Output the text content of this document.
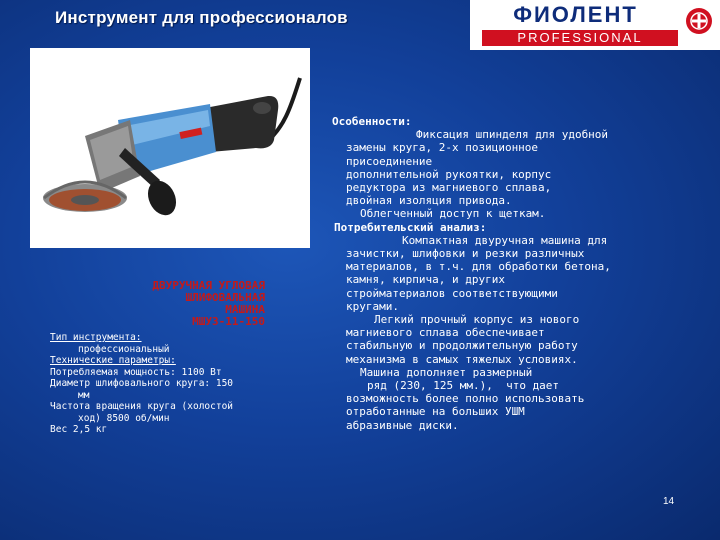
Инструмент для профессионалов	ФИОЛЕНТ
PROFESSIONAL
ДВУРУЧНАЯ УГЛОВАЯ
ШЛИФОВАЛЬНАЯ
МАШИНА
МШУ3-11-150
Тип инструмента:
профессиональный
Технические параметры:
Потребляемая мощность: 1100 Вт
Диаметр шлифовального круга: 150
мм
Частота вращения круга (холостой
ход) 8500 об/мин
Вес 2,5 кг
Особенности:
Фиксация шпинделя для удобной
замены круга, 2-х позиционное
присоединение
дополнительной рукоятки, корпус
редуктора из магниевого сплава,
двойная изоляция привода.
Облегченный доступ к щеткам.
Потребительский анализ:
Компактная двуручная машина для
зачистки, шлифовки и резки различных
материалов, в т.ч. для обработки бетона,
камня, кирпича, и других
стройматериалов соответствующими
кругами.
Легкий прочный корпус из нового
магниевого сплава обеспечивает
стабильную и продолжительную работу
механизма в самых тяжелых условиях.
Машина дополняет размерный
ряд (230, 125 мм.),  что дает
возможность более полно использовать
отработанные на больших УШМ
абразивные диски.
14
